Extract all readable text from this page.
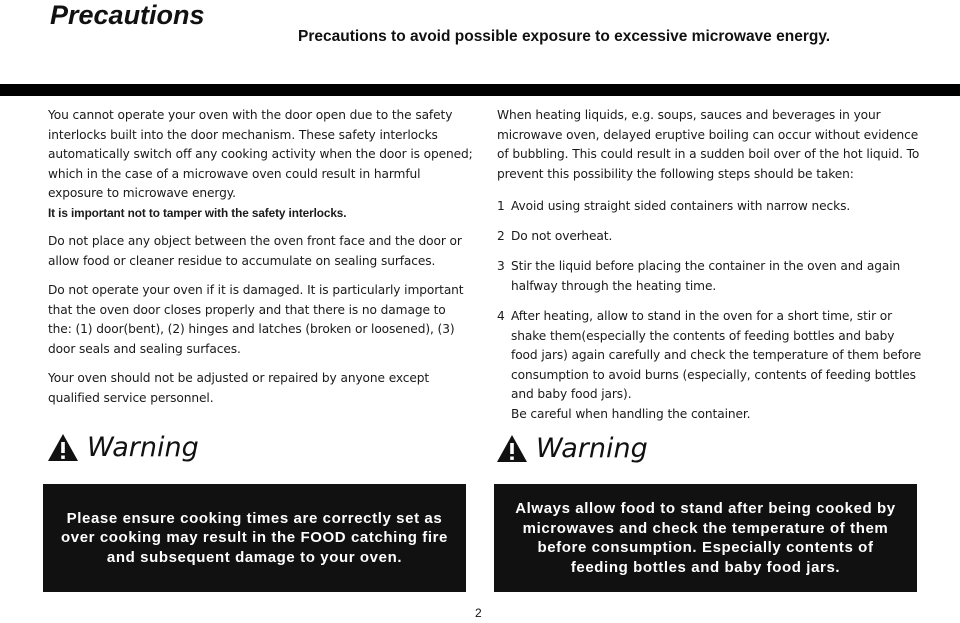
Precautions
Precautions to avoid possible exposure to excessive microwave energy.
You cannot operate your oven with the door open due to the safety interlocks built into the door mechanism. These safety interlocks automatically switch off any cooking activity when the door is opened; which in the case of a microwave oven could result in harmful exposure to microwave energy.
It is important not to tamper with the safety interlocks.
Do not place any object between the oven front face and the door or allow food or cleaner residue to accumulate on sealing surfaces.
Do not operate your oven if it is damaged. It is particularly important that the oven door closes properly and that there is no damage to the: (1) door(bent), (2) hinges and latches (broken or loosened), (3) door seals and sealing surfaces.
Your oven should not be adjusted or repaired by anyone except qualified service personnel.
When heating liquids, e.g. soups, sauces and beverages in your microwave oven, delayed eruptive boiling can occur without evidence of bubbling. This could result in a sudden boil over of the hot liquid. To prevent this possibility the following steps should be taken:
1 Avoid using straight sided containers with narrow necks.
2 Do not overheat.
3 Stir the liquid before placing the container in the oven and again halfway through the heating time.
4 After heating, allow to stand in the oven for a short time, stir or shake them(especially the contents of feeding bottles and baby food jars) again carefully and check the temperature of them before consumption to avoid burns (especially, contents of feeding bottles and baby food jars).
Be careful when handling the container.
Warning
Please ensure cooking times are correctly set as over cooking may result in the FOOD catching fire and subsequent damage to your oven.
Warning
Always allow food to stand after being cooked by microwaves and check the temperature of them before consumption. Especially contents of feeding bottles and baby food jars.
2
